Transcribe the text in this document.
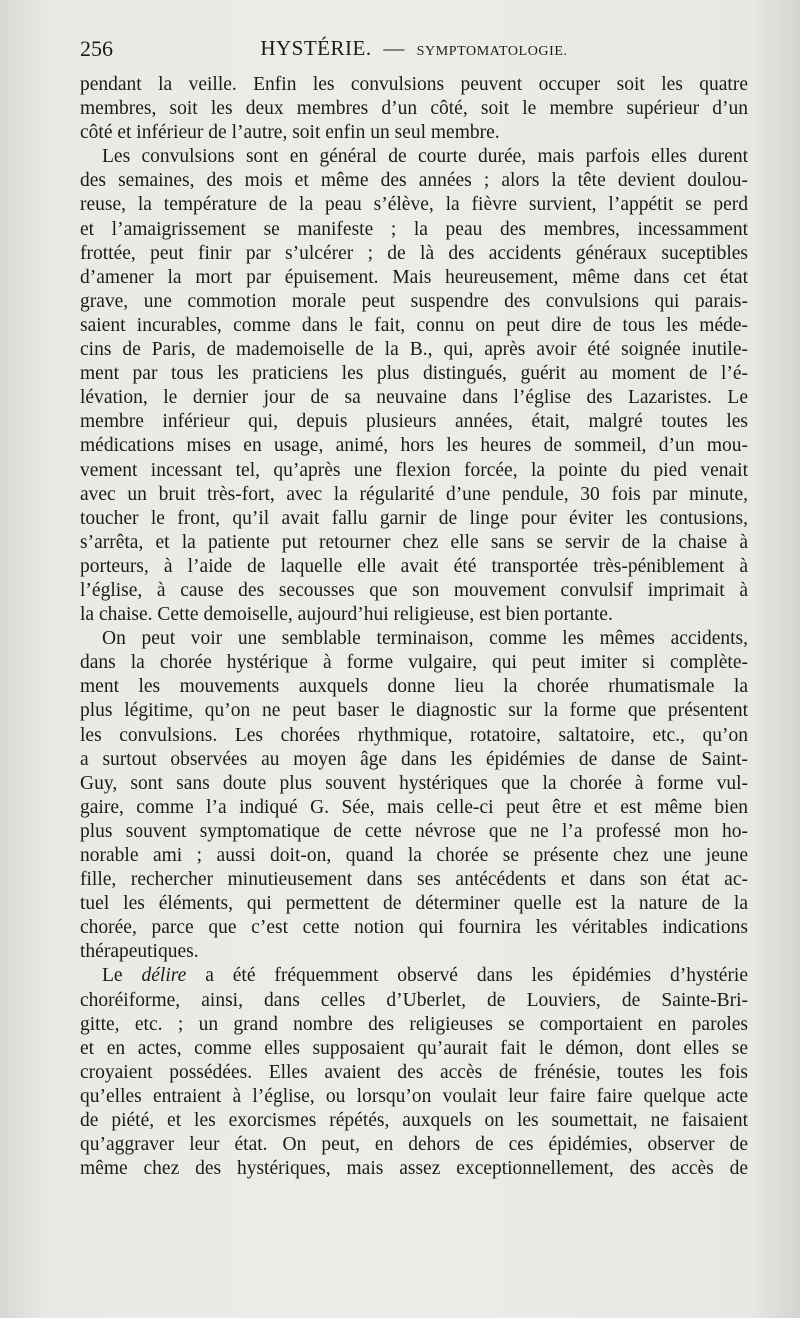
256	HYSTÉRIE. — SYMPTOMATOLOGIE.
pendant la veille. Enfin les convulsions peuvent occuper soit les quatre
membres, soit les deux membres d’un côté, soit le membre supérieur d’un
côté et inférieur de l’autre, soit enfin un seul membre.
Les convulsions sont en général de courte durée, mais parfois elles durent
des semaines, des mois et même des années ; alors la tête devient doulou-
reuse, la température de la peau s’élève, la fièvre survient, l’appétit se perd
et l’amaigrissement se manifeste ; la peau des membres, incessamment
frottée, peut finir par s’ulcérer ; de là des accidents généraux suceptibles
d’amener la mort par épuisement. Mais heureusement, même dans cet état
grave, une commotion morale peut suspendre des convulsions qui parais-
saient incurables, comme dans le fait, connu on peut dire de tous les méde-
cins de Paris, de mademoiselle de la B., qui, après avoir été soignée inutile-
ment par tous les praticiens les plus distingués, guérit au moment de l’é-
lévation, le dernier jour de sa neuvaine dans l’église des Lazaristes. Le
membre inférieur qui, depuis plusieurs années, était, malgré toutes les
médications mises en usage, animé, hors les heures de sommeil, d’un mou-
vement incessant tel, qu’après une flexion forcée, la pointe du pied venait
avec un bruit très-fort, avec la régularité d’une pendule, 30 fois par minute,
toucher le front, qu’il avait fallu garnir de linge pour éviter les contusions,
s’arrêta, et la patiente put retourner chez elle sans se servir de la chaise à
porteurs, à l’aide de laquelle elle avait été transportée très-péniblement à
l’église, à cause des secousses que son mouvement convulsif imprimait à
la chaise. Cette demoiselle, aujourd’hui religieuse, est bien portante.
On peut voir une semblable terminaison, comme les mêmes accidents,
dans la chorée hystérique à forme vulgaire, qui peut imiter si complète-
ment les mouvements auxquels donne lieu la chorée rhumatismale la
plus légitime, qu’on ne peut baser le diagnostic sur la forme que présentent
les convulsions. Les chorées rhythmique, rotatoire, saltatoire, etc., qu’on
a surtout observées au moyen âge dans les épidémies de danse de Saint-
Guy, sont sans doute plus souvent hystériques que la chorée à forme vul-
gaire, comme l’a indiqué G. Sée, mais celle-ci peut être et est même bien
plus souvent symptomatique de cette névrose que ne l’a professé mon ho-
norable ami ; aussi doit-on, quand la chorée se présente chez une jeune
fille, rechercher minutieusement dans ses antécédents et dans son état ac-
tuel les éléments, qui permettent de déterminer quelle est la nature de la
chorée, parce que c’est cette notion qui fournira les véritables indications
thérapeutiques.
Le délire a été fréquemment observé dans les épidémies d’hystérie
choréiforme, ainsi, dans celles d’Uberlet, de Louviers, de Sainte-Bri-
gitte, etc. ; un grand nombre des religieuses se comportaient en paroles
et en actes, comme elles supposaient qu’aurait fait le démon, dont elles se
croyaient possédées. Elles avaient des accès de frénésie, toutes les fois
qu’elles entraient à l’église, ou lorsqu’on voulait leur faire faire quelque acte
de piété, et les exorcismes répétés, auxquels on les soumettait, ne faisaient
qu’aggraver leur état. On peut, en dehors de ces épidémies, observer de
même chez des hystériques, mais assez exceptionnellement, des accès de
